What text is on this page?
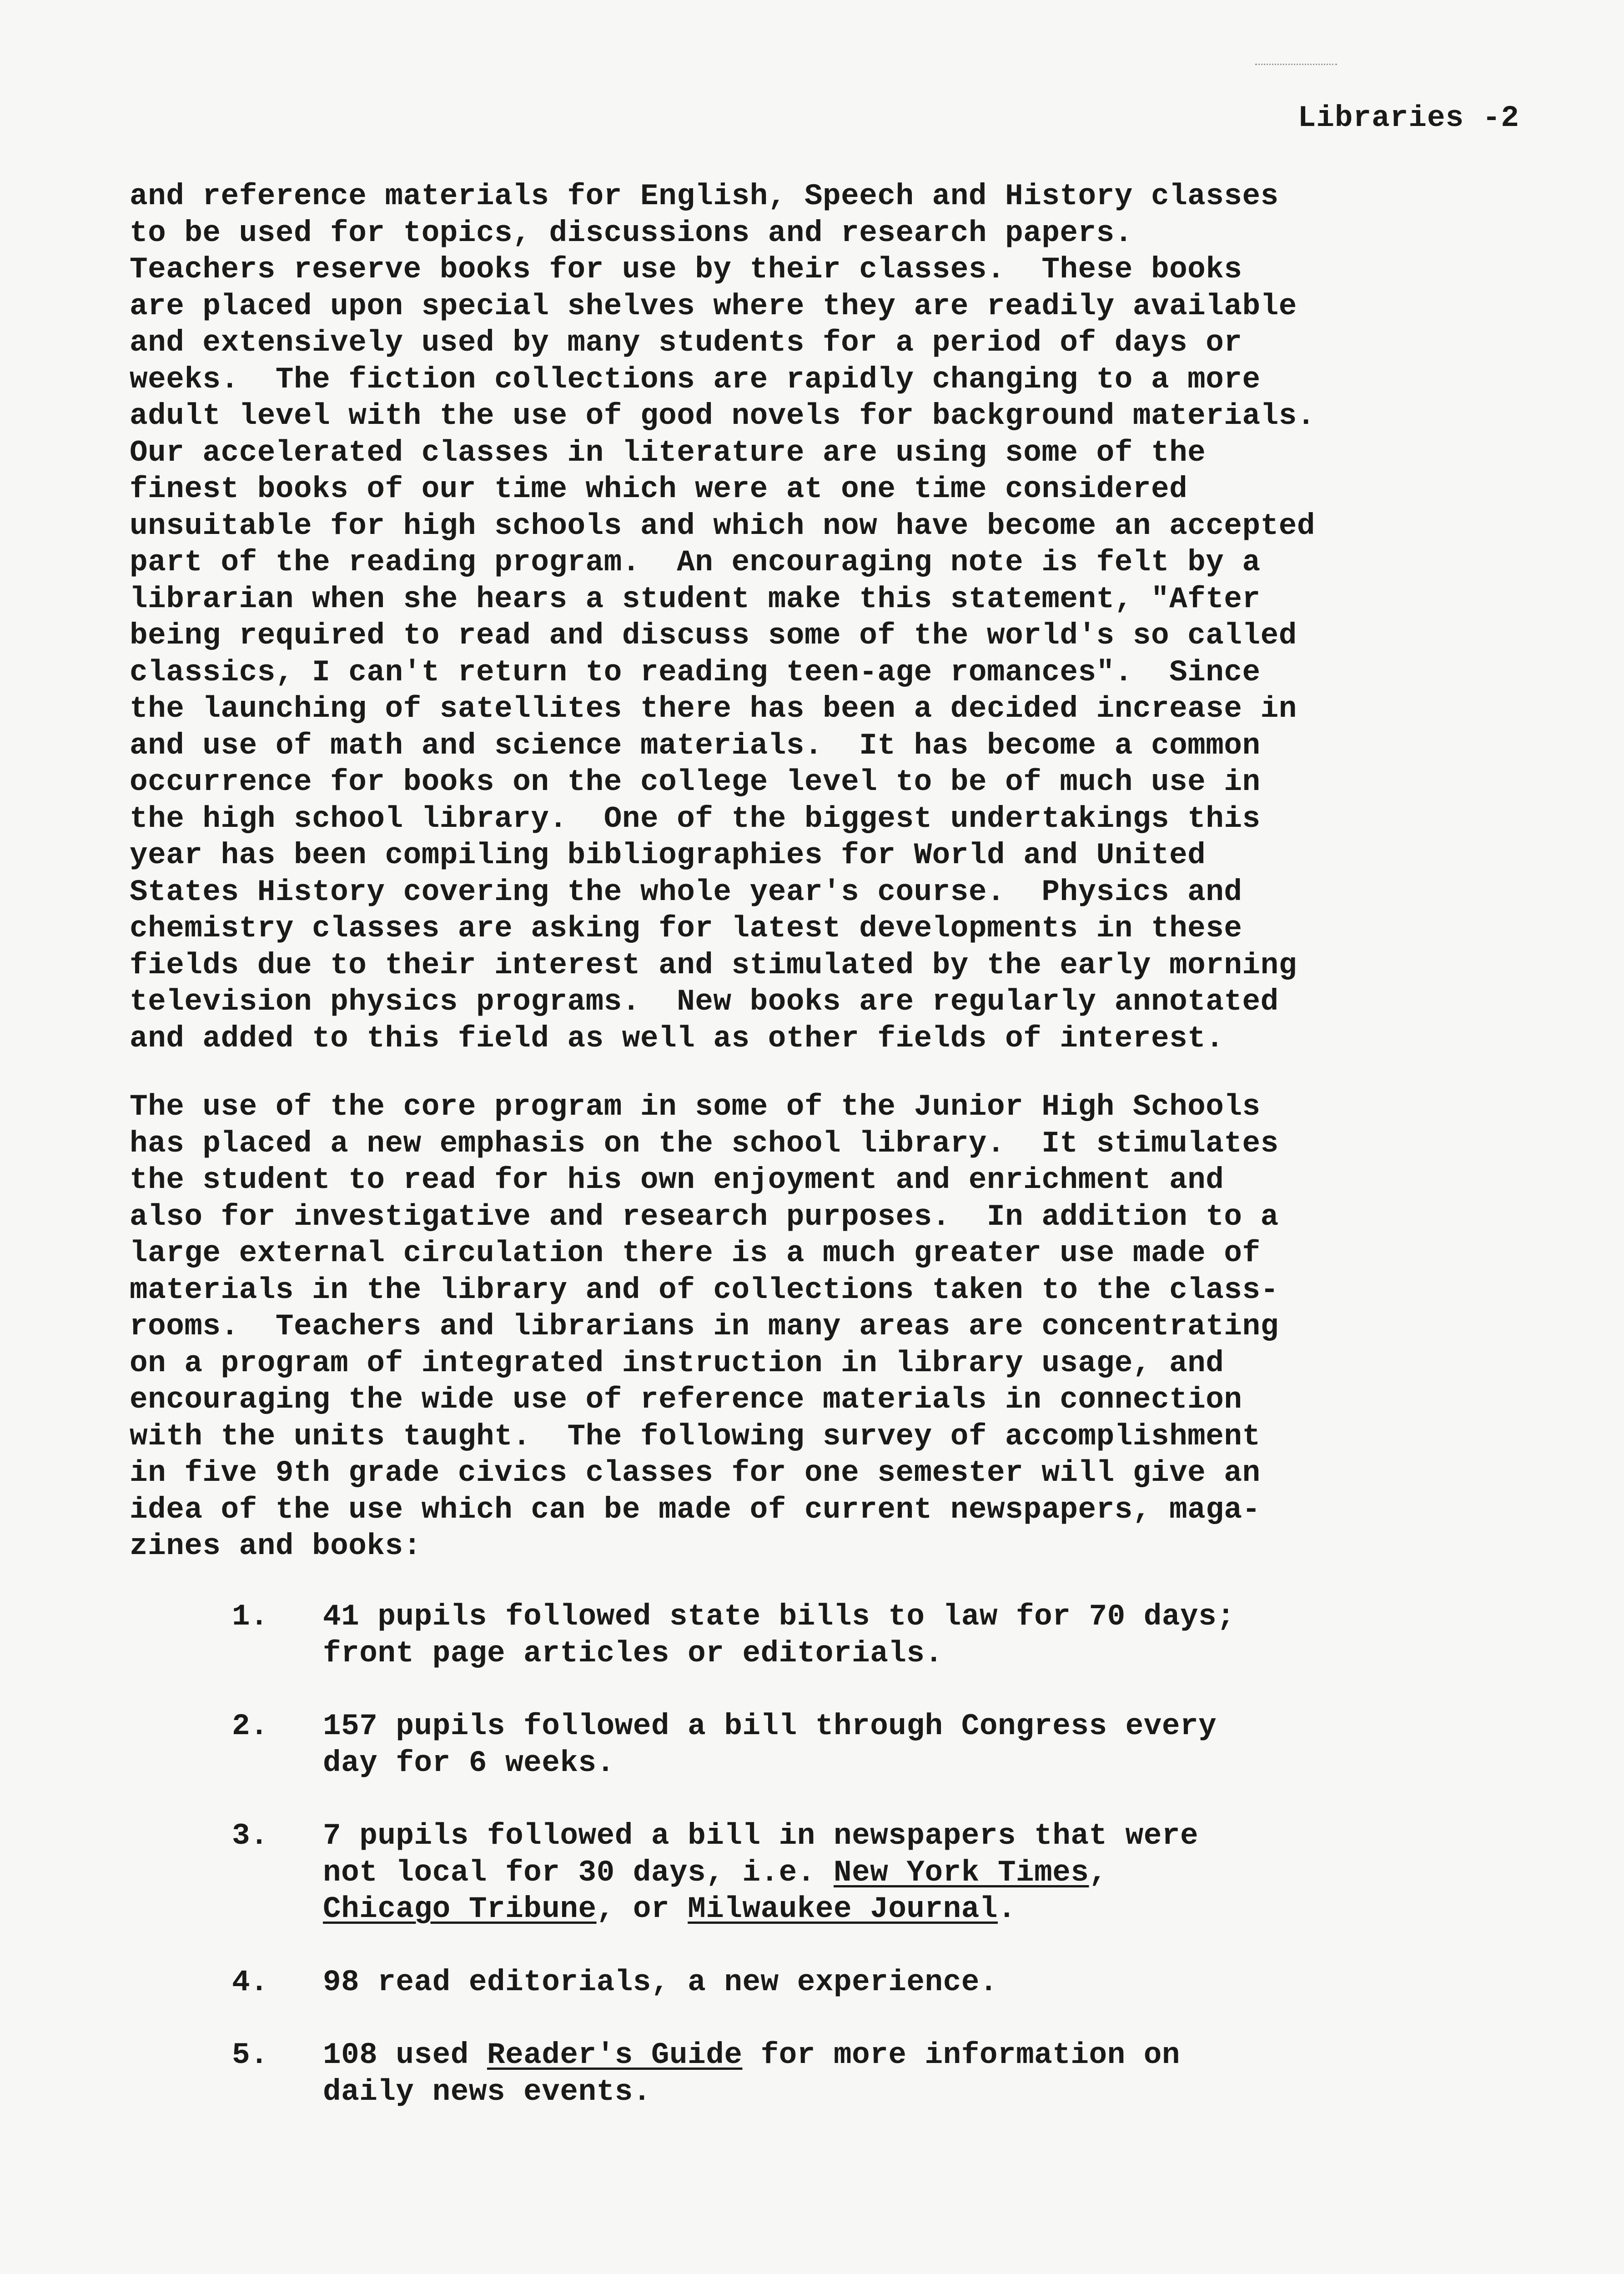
Libraries -2
and reference materials for English, Speech and History classes
to be used for topics, discussions and research papers.
Teachers reserve books for use by their classes.  These books
are placed upon special shelves where they are readily available
and extensively used by many students for a period of days or
weeks.  The fiction collections are rapidly changing to a more
adult level with the use of good novels for background materials.
Our accelerated classes in literature are using some of the
finest books of our time which were at one time considered
unsuitable for high schools and which now have become an accepted
part of the reading program.  An encouraging note is felt by a
librarian when she hears a student make this statement, "After
being required to read and discuss some of the world's so called
classics, I can't return to reading teen-age romances".  Since
the launching of satellites there has been a decided increase in
and use of math and science materials.  It has become a common
occurrence for books on the college level to be of much use in
the high school library.  One of the biggest undertakings this
year has been compiling bibliographies for World and United
States History covering the whole year's course.  Physics and
chemistry classes are asking for latest developments in these
fields due to their interest and stimulated by the early morning
television physics programs.  New books are regularly annotated
and added to this field as well as other fields of interest.
The use of the core program in some of the Junior High Schools
has placed a new emphasis on the school library.  It stimulates
the student to read for his own enjoyment and enrichment and
also for investigative and research purposes.  In addition to a
large external circulation there is a much greater use made of
materials in the library and of collections taken to the class-
rooms.  Teachers and librarians in many areas are concentrating
on a program of integrated instruction in library usage, and
encouraging the wide use of reference materials in connection
with the units taught.  The following survey of accomplishment
in five 9th grade civics classes for one semester will give an
idea of the use which can be made of current newspapers, maga-
zines and books:
1.	41 pupils followed state bills to law for 70 days;
front page articles or editorials.
2.	157 pupils followed a bill through Congress every
day for 6 weeks.
3.	7 pupils followed a bill in newspapers that were
not local for 30 days, i.e. New York Times,
Chicago Tribune, or Milwaukee Journal.
4.	98 read editorials, a new experience.
5.	108 used Reader's Guide for more information on
daily news events.
